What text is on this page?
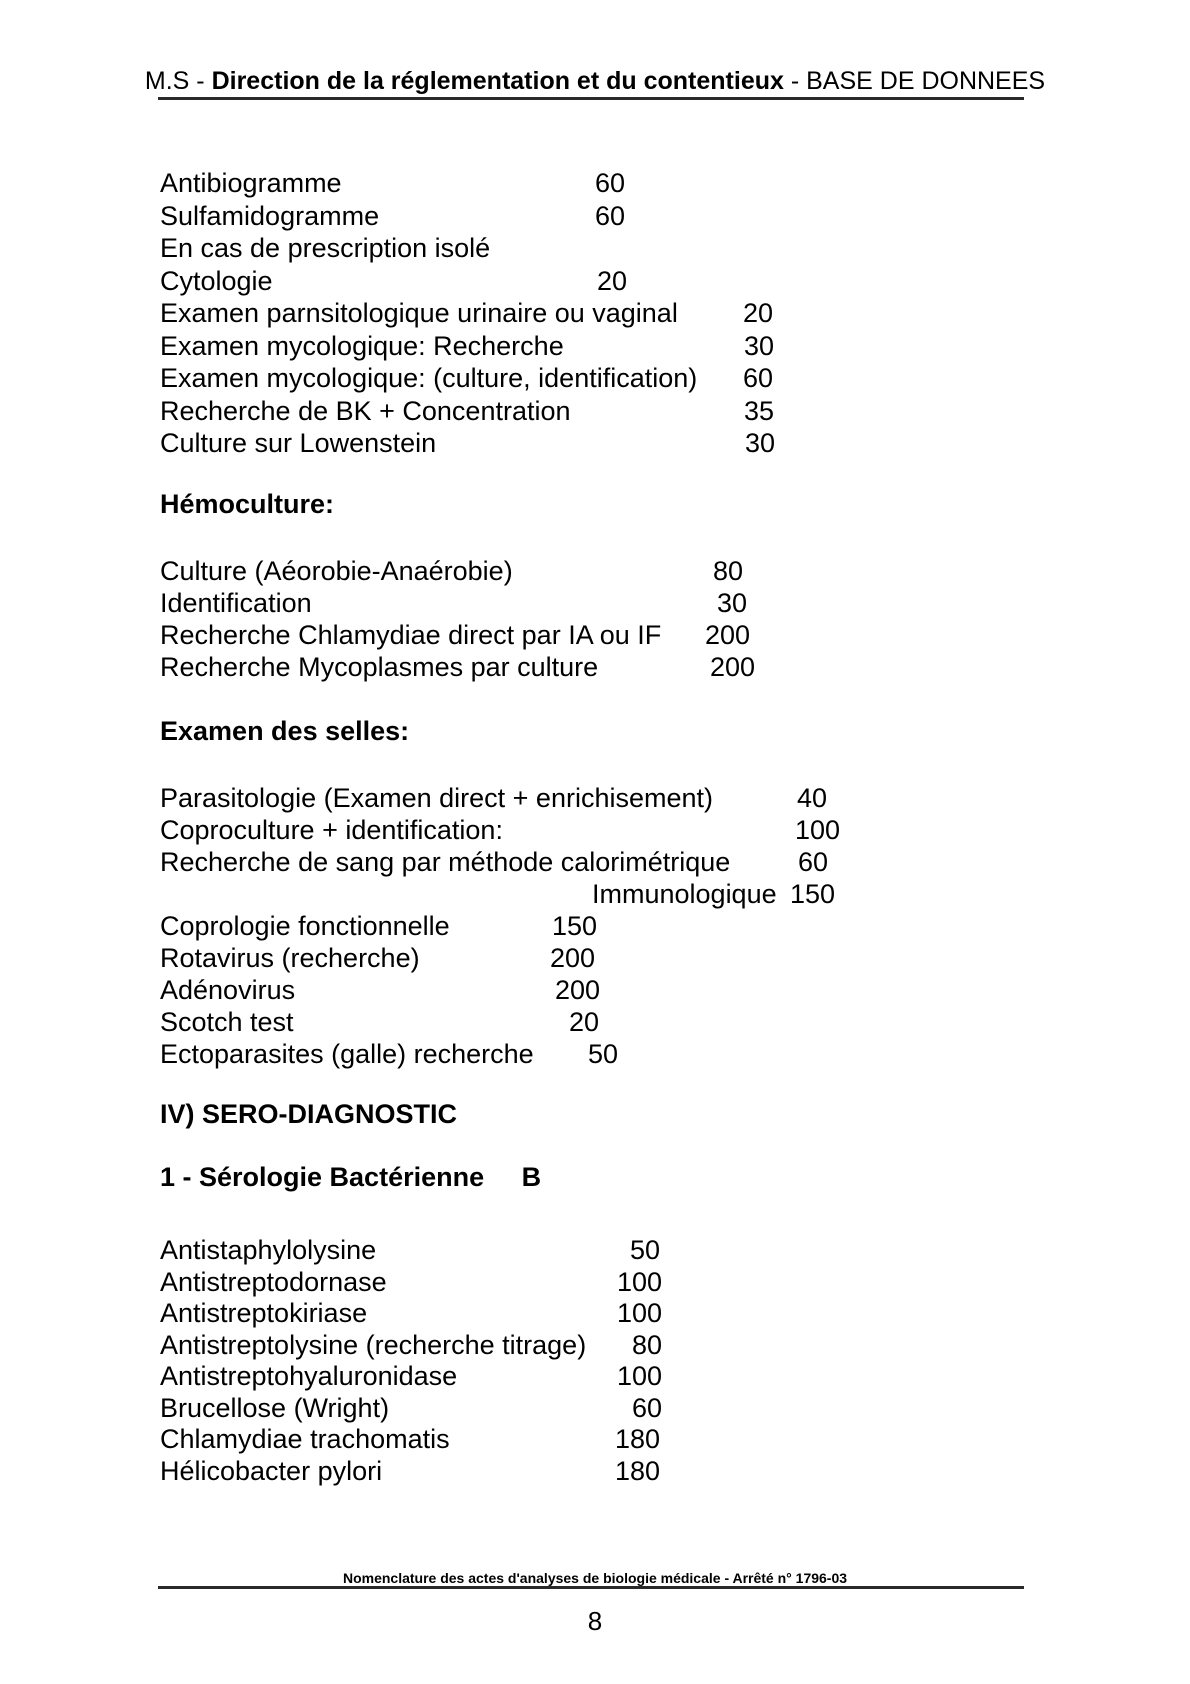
M.S - Direction de la réglementation et du contentieux - BASE DE DONNEES
Antibiogramme	60
Sulfamidogramme	60
En cas de prescription isolé
Cytologie	20
Examen parnsitologique urinaire ou vaginal 20
Examen mycologique: Recherche	30
Examen mycologique: (culture, identification) 60
Recherche de BK + Concentration	35
Culture sur Lowenstein	30
Hémoculture:
Culture (Aéorobie-Anaérobie)	80
Identification	30
Recherche Chlamydiae direct par IA ou IF 200
Recherche Mycoplasmes par culture	200
Examen des selles:
Parasitologie (Examen direct + enrichisement)	40
Coproculture + identification:	100
Recherche de sang par méthode calorimétrique	60
Immunologique 150
Coprologie fonctionnelle	150
Rotavirus (recherche)	200
Adénovirus	200
Scotch test	20
Ectoparasites (galle) recherche 50
IV) SERO-DIAGNOSTIC
1 - Sérologie Bactérienne     B
Antistaphylolysine	50
Antistreptodornase	100
Antistreptokiriase	100
Antistreptolysine (recherche titrage) 80
Antistreptohyaluronidase	100
Brucellose (Wright)	60
Chlamydiae trachomatis	180
Hélicobacter pylori	180
Nomenclature des actes d'analyses de biologie médicale - Arrêté n° 1796-03
8
